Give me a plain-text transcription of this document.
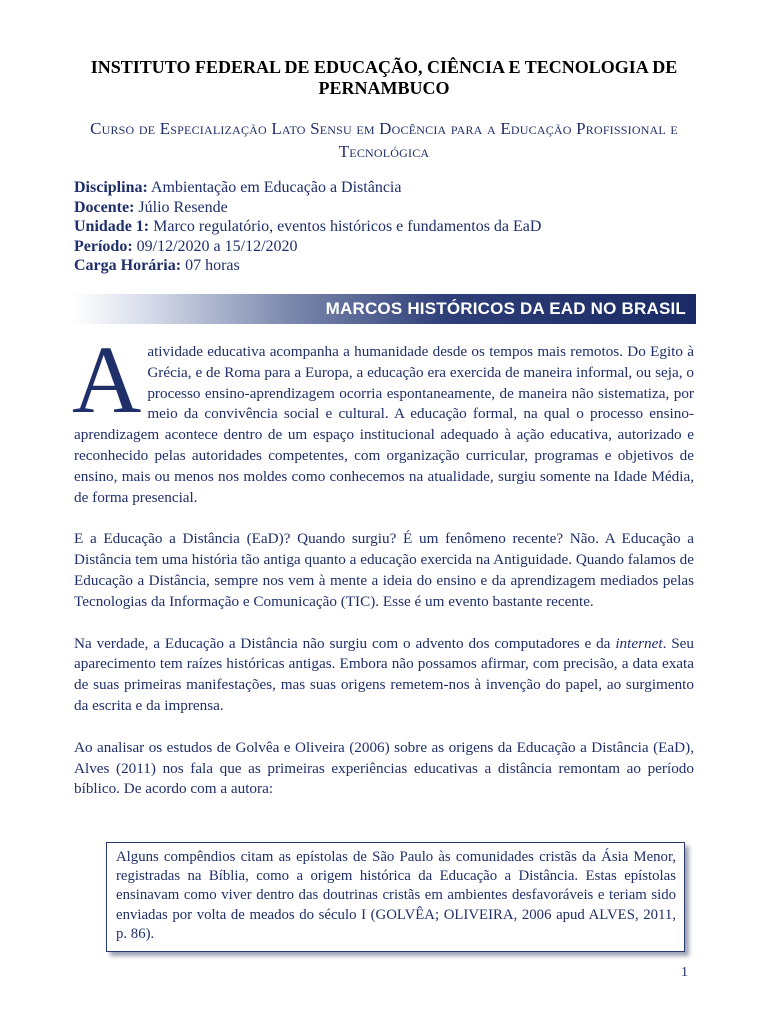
INSTITUTO FEDERAL DE EDUCAÇÃO, CIÊNCIA E TECNOLOGIA DE PERNAMBUCO
Curso de Especialização Lato Sensu em Docência para a Educação Profissional e Tecnológica
Disciplina: Ambientação em Educação a Distância
Docente: Júlio Resende
Unidade 1: Marco regulatório, eventos históricos e fundamentos da EaD
Período: 09/12/2020 a 15/12/2020
Carga Horária: 07 horas
MARCOS HISTÓRICOS DA EAD NO BRASIL

Aatividade educativa acompanha a humanidade desde os tempos mais remotos. Do Egito à Grécia, e de Roma para a Europa, a educação era exercida de maneira informal, ou seja, o processo ensino-aprendizagem ocorria espontaneamente, de maneira não sistematiza, por meio da convivência social e cultural. A educação formal, na qual o processo ensino-aprendizagem acontece dentro de um espaço institucional adequado à ação educativa, autorizado e reconhecido pelas autoridades competentes, com organização curricular, programas e objetivos de ensino, mais ou menos nos moldes como conhecemos na atualidade, surgiu somente na Idade Média, de forma presencial.

E a Educação a Distância (EaD)? Quando surgiu? É um fenômeno recente? Não. A Educação a Distância tem uma história tão antiga quanto a educação exercida na Antiguidade. Quando falamos de Educação a Distância, sempre nos vem à mente a ideia do ensino e da aprendizagem mediados pelas Tecnologias da Informação e Comunicação (TIC). Esse é um evento bastante recente.

Na verdade, a Educação a Distância não surgiu com o advento dos computadores e da internet. Seu aparecimento tem raízes históricas antigas. Embora não possamos afirmar, com precisão, a data exata de suas primeiras manifestações, mas suas origens remetem-nos à invenção do papel, ao surgimento da escrita e da imprensa.

Ao analisar os estudos de Golvêa e Oliveira (2006) sobre as origens da Educação a Distância (EaD), Alves (2011) nos fala que as primeiras experiências educativas a distância remontam ao período bíblico. De acordo com a autora:

Alguns compêndios citam as epístolas de São Paulo às comunidades cristãs da Ásia Menor, registradas na Bíblia, como a origem histórica da Educação a Distância. Estas epístolas ensinavam como viver dentro das doutrinas cristãs em ambientes desfavoráveis e teriam sido enviadas por volta de meados do século I (GOLVÊA; OLIVEIRA, 2006 apud ALVES, 2011, p. 86).
1
